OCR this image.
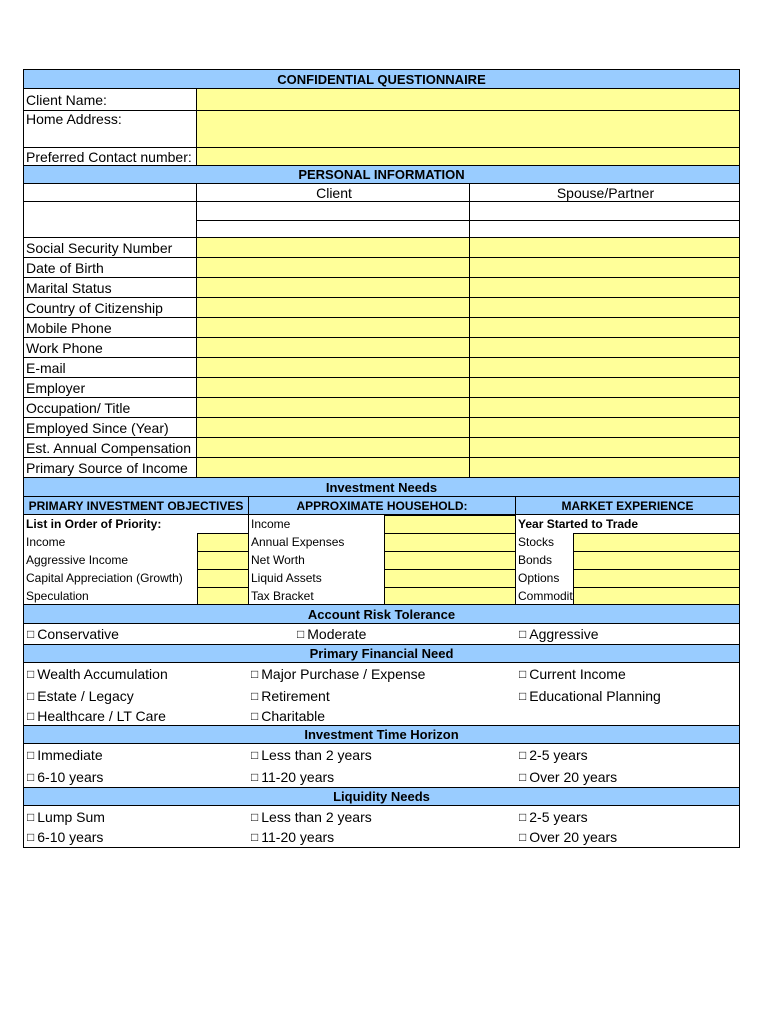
CONFIDENTIAL QUESTIONNAIRE
Client Name:
Home Address:
Preferred Contact number:
PERSONAL INFORMATION
Client	Spouse/Partner
Social Security Number
Date of Birth
Marital Status
Country of Citizenship
Mobile Phone
Work Phone
E-mail
Employer
Occupation/ Title
Employed Since (Year)
Est. Annual Compensation
Primary Source of Income
Investment Needs
PRIMARY INVESTMENT OBJECTIVES	APPROXIMATE HOUSEHOLD:	MARKET EXPERIENCE
List in Order of Priority:	Income	Year Started to Trade
Income	Annual Expenses	Stocks
Aggressive Income	Net Worth	Bonds
Capital Appreciation (Growth)	Liquid Assets	Options
Speculation	Tax Bracket	Commodit
Account Risk Tolerance
□ Conservative	□ Moderate	□ Aggressive
Primary Financial Need
□ Wealth Accumulation	□ Major Purchase / Expense	□ Current Income
□ Estate / Legacy	□ Retirement	□ Educational Planning
□ Healthcare / LT Care	□ Charitable
Investment Time Horizon
□ Immediate	□ Less than 2 years	□ 2-5 years
□ 6-10 years	□ 11-20 years	□ Over 20 years
Liquidity Needs
□ Lump Sum	□ Less than 2 years	□ 2-5 years
□ 6-10 years	□ 11-20 years	□ Over 20 years
